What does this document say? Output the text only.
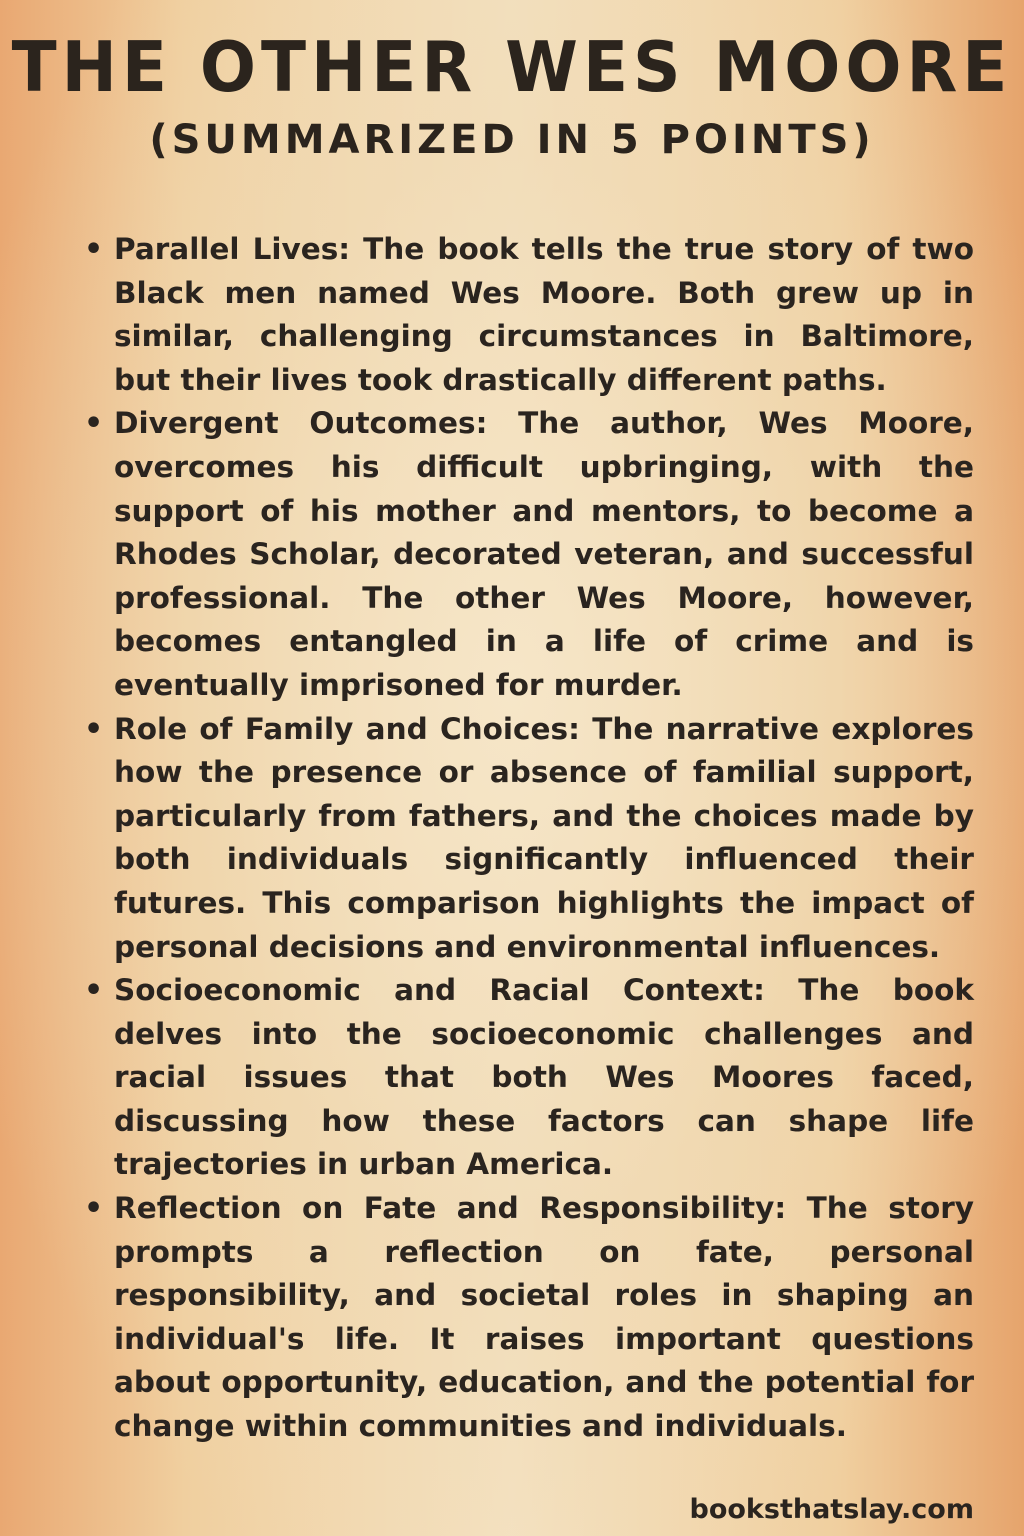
THE OTHER WES MOORE
(SUMMARIZED IN 5 POINTS)
• Parallel Lives: The book tells the true story of two Black men named Wes Moore. Both grew up in similar, challenging circumstances in Baltimore, but their lives took drastically different paths.
• Divergent Outcomes: The author, Wes Moore, overcomes his difficult upbringing, with the support of his mother and mentors, to become a Rhodes Scholar, decorated veteran, and successful professional. The other Wes Moore, however, becomes entangled in a life of crime and is eventually imprisoned for murder.
• Role of Family and Choices: The narrative explores how the presence or absence of familial support, particularly from fathers, and the choices made by both individuals significantly influenced their futures. This comparison highlights the impact of personal decisions and environmental influences.
• Socioeconomic and Racial Context: The book delves into the socioeconomic challenges and racial issues that both Wes Moores faced, discussing how these factors can shape life trajectories in urban America.
• Reflection on Fate and Responsibility: The story prompts a reflection on fate, personal responsibility, and societal roles in shaping an individual's life. It raises important questions about opportunity, education, and the potential for change within communities and individuals.
booksthatslay.com
